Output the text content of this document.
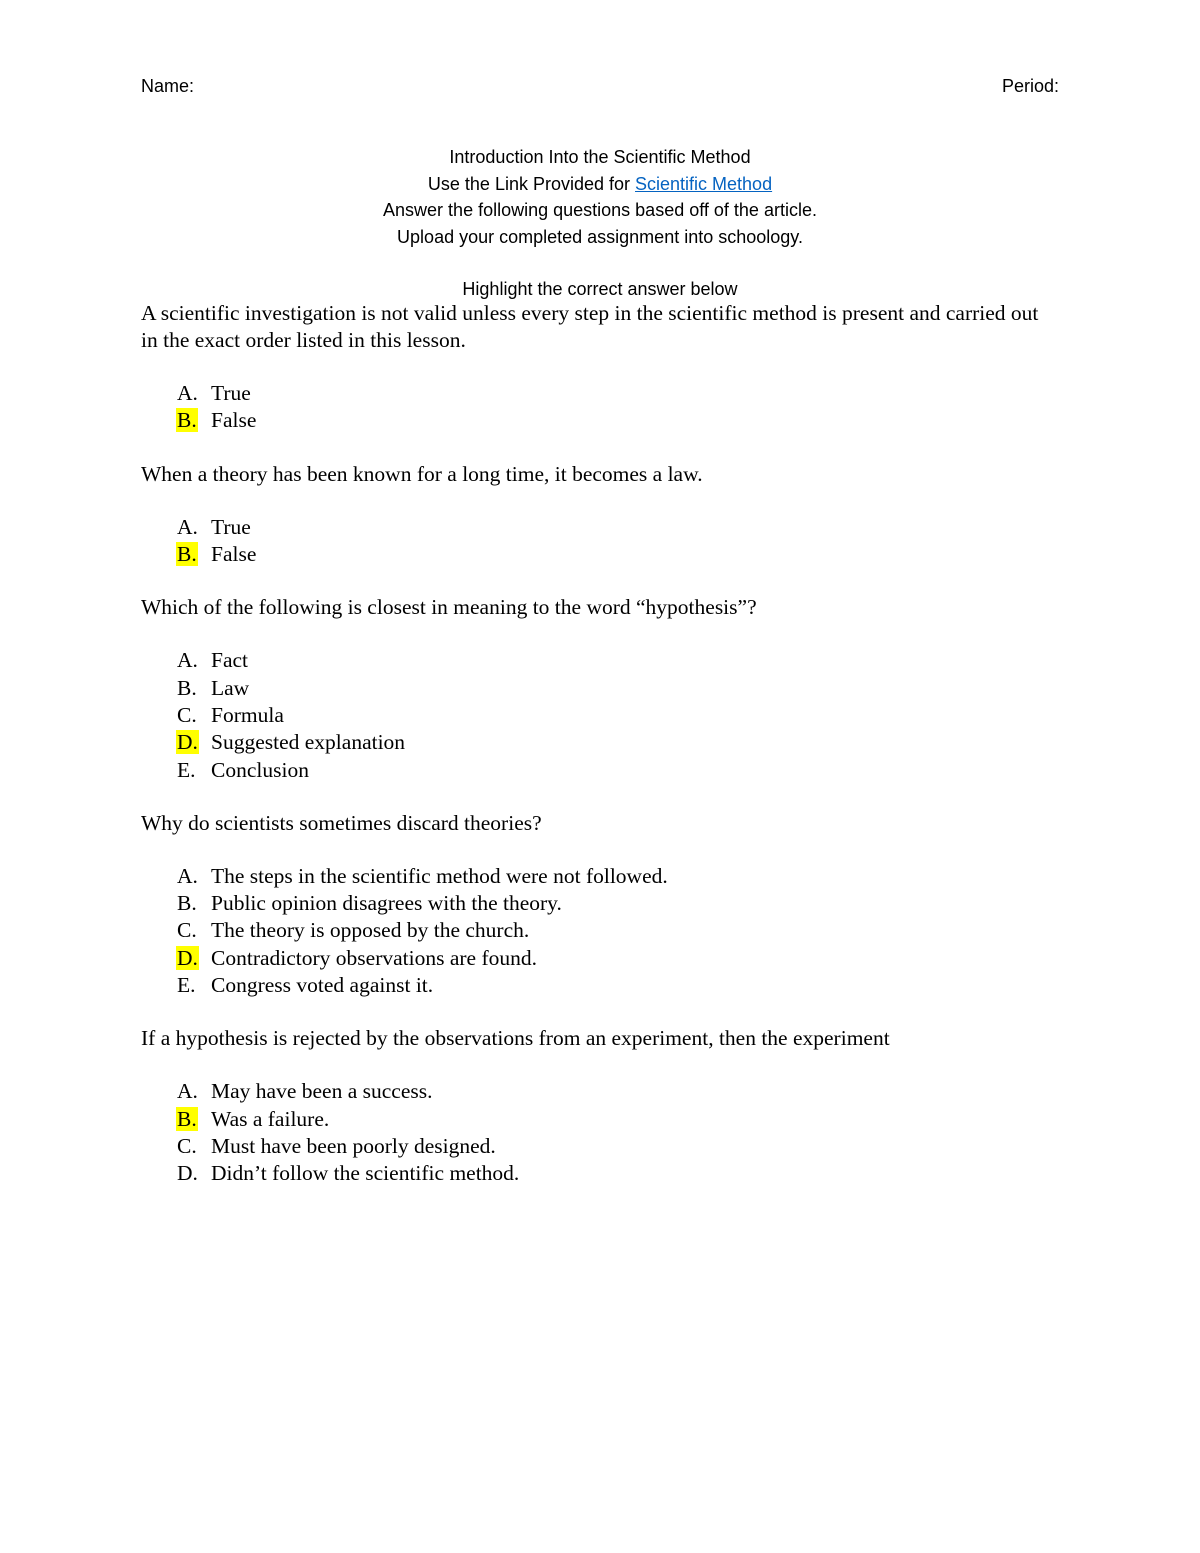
Name:	Period:
Introduction Into the Scientific Method
Use the Link Provided for Scientific Method
Answer the following questions based off of the article.
Upload your completed assignment into schoology.
Highlight the correct answer below

A scientific investigation is not valid unless every step in the scientific method is present and carried out in the exact order listed in this lesson.

A. True
B. False

When a theory has been known for a long time, it becomes a law.

A. True
B. False

Which of the following is closest in meaning to the word “hypothesis”?

A. Fact
B. Law
C. Formula
D. Suggested explanation
E. Conclusion

Why do scientists sometimes discard theories?

A. The steps in the scientific method were not followed.
B. Public opinion disagrees with the theory.
C. The theory is opposed by the church.
D. Contradictory observations are found.
E. Congress voted against it.

If a hypothesis is rejected by the observations from an experiment, then the experiment

A. May have been a success.
B. Was a failure.
C. Must have been poorly designed.
D. Didn’t follow the scientific method.
